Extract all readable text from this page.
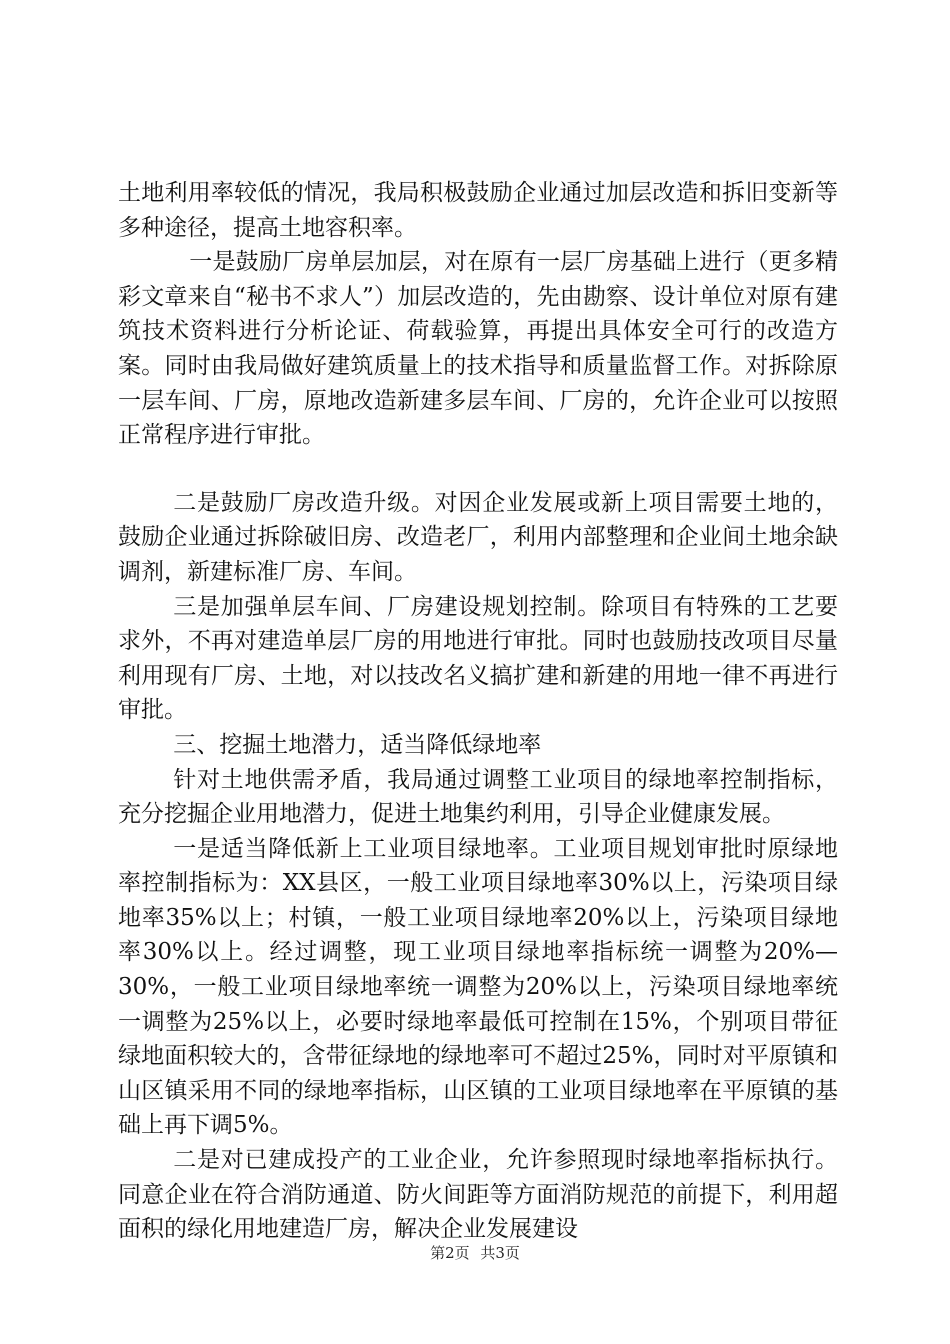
土地利用率较低的情况，我局积极鼓励企业通过加层改造和拆旧变新等多种途径，提高土地容积率。

一是鼓励厂房单层加层，对在原有一层厂房基础上进行（更多精彩文章来自“秘书不求人”）加层改造的，先由勘察、设计单位对原有建筑技术资料进行分析论证、荷载验算，再提出具体安全可行的改造方案。同时由我局做好建筑质量上的技术指导和质量监督工作。对拆除原一层车间、厂房，原地改造新建多层车间、厂房的，允许企业可以按照正常程序进行审批。

二是鼓励厂房改造升级。对因企业发展或新上项目需要土地的，鼓励企业通过拆除破旧房、改造老厂，利用内部整理和企业间土地余缺调剂，新建标准厂房、车间。

三是加强单层车间、厂房建设规划控制。除项目有特殊的工艺要求外，不再对建造单层厂房的用地进行审批。同时也鼓励技改项目尽量利用现有厂房、土地，对以技改名义搞扩建和新建的用地一律不再进行审批。

三、挖掘土地潜力，适当降低绿地率

针对土地供需矛盾，我局通过调整工业项目的绿地率控制指标，充分挖掘企业用地潜力，促进土地集约利用，引导企业健康发展。

一是适当降低新上工业项目绿地率。工业项目规划审批时原绿地率控制指标为：XX县区，一般工业项目绿地率30%以上，污染项目绿地率35%以上；村镇，一般工业项目绿地率20%以上，污染项目绿地率30%以上。经过调整，现工业项目绿地率指标统一调整为20%—30%，一般工业项目绿地率统一调整为20%以上，污染项目绿地率统一调整为25%以上，必要时绿地率最低可控制在15%，个别项目带征绿地面积较大的，含带征绿地的绿地率可不超过25%，同时对平原镇和山区镇采用不同的绿地率指标，山区镇的工业项目绿地率在平原镇的基础上再下调5%。

二是对已建成投产的工业企业，允许参照现时绿地率指标执行。同意企业在符合消防通道、防火间距等方面消防规范的前提下，利用超面积的绿化用地建造厂房，解决企业发展建设

第2页 共3页
